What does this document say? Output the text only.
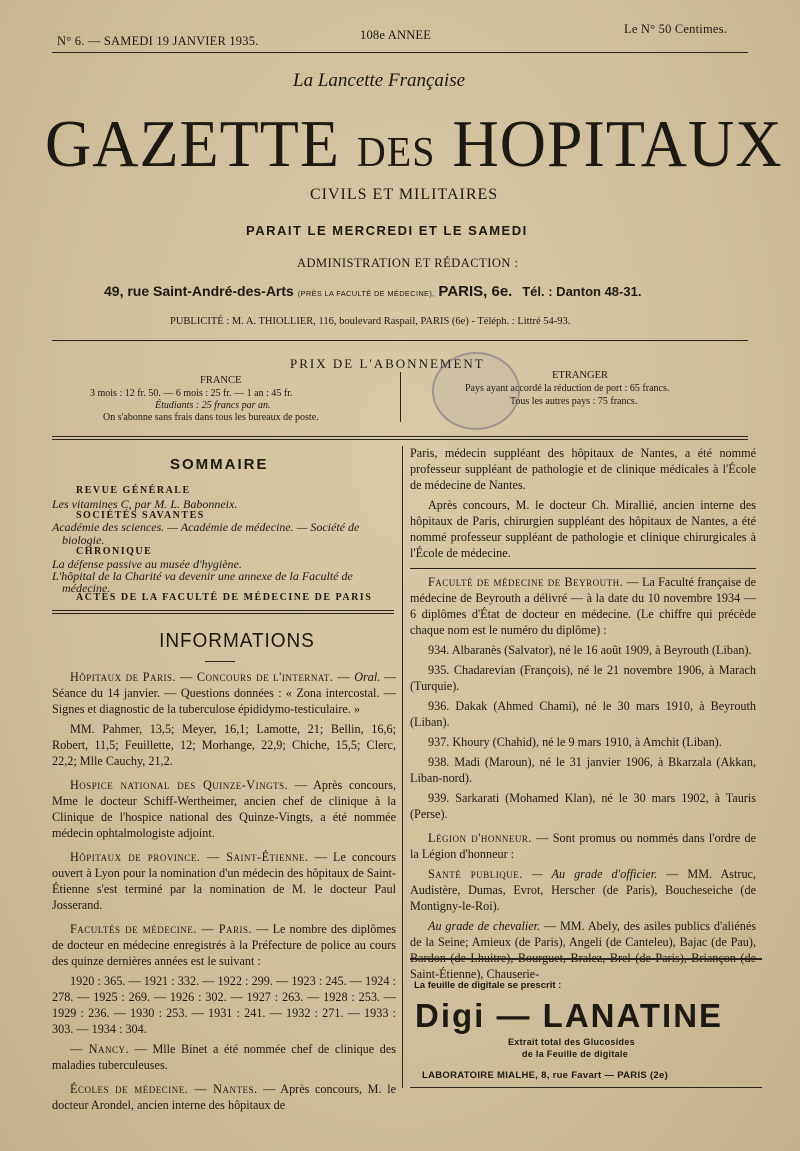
N° 6. — SAMEDI 19 JANVIER 1935.	108e ANNEE	Le N° 50 Centimes.
La Lancette Française
GAZETTE DES HOPITAUX
CIVILS ET MILITAIRES
PARAIT LE MERCREDI ET LE SAMEDI
ADMINISTRATION ET RÉDACTION :
49, rue Saint-André-des-Arts (PRÈS LA FACULTÉ DE MÉDECINE), PARIS, 6e. Tél. : Danton 48-31.
PUBLICITÉ : M. A. THIOLLIER, 116, boulevard Raspail, PARIS (6e) - Téléph. : Littré 54-93.
PRIX DE L'ABONNEMENT
FRANCE
3 mois : 12 fr. 50. — 6 mois : 25 fr. — 1 an : 45 fr.
Étudiants : 25 francs par an.
On s'abonne sans frais dans tous les bureaux de poste.
ETRANGER
Pays ayant accordé la réduction de port : 65 francs.
Tous les autres pays : 75 francs.
SOMMAIRE
REVUE GÉNÉRALE
Les vitamines C, par M. L. Babonneix.
SOCIÉTÉS SAVANTES
Académie des sciences. — Académie de médecine. — Société de
biologie.
CHRONIQUE
La défense passive au musée d'hygiène.
L'hôpital de la Charité va devenir une annexe de la Faculté de
médecine.
ACTES DE LA FACULTÉ DE MÉDECINE DE PARIS
INFORMATIONS

Hôpitaux de Paris. — Concours de l'internat. — Oral. — Séance du 14 janvier. — Questions données : « Zona intercostal. — Signes et diagnostic de la tuberculose épididymo-testiculaire. »

MM. Pahmer, 13,5; Meyer, 16,1; Lamotte, 21; Bellin, 16,6; Robert, 11,5; Feuillette, 12; Morhange, 22,9; Chiche, 15,5; Clerc, 22,2; Mlle Cauchy, 21,2.

Hospice national des Quinze-Vingts. — Après concours, Mme le docteur Schiff-Wertheimer, ancien chef de clinique à la Clinique de l'hospice national des Quinze-Vingts, a été nommée médecin ophtalmologiste adjoint.

Hôpitaux de province. — Saint-Étienne. — Le concours ouvert à Lyon pour la nomination d'un médecin des hôpitaux de Saint-Étienne s'est terminé par la nomination de M. le docteur Paul Josserand.

Facultés de médecine. — Paris. — Le nombre des diplômes de docteur en médecine enregistrés à la Préfecture de police au cours des quinze dernières années est le suivant :

1920 : 365. — 1921 : 332. — 1922 : 299. — 1923 : 245. — 1924 : 278. — 1925 : 269. — 1926 : 302. — 1927 : 263. — 1928 : 253. — 1929 : 236. — 1930 : 253. — 1931 : 241. — 1932 : 271. — 1933 : 303. — 1934 : 304.

— Nancy. — Mlle Binet a été nommée chef de clinique des maladies tuberculeuses.

Écoles de médecine. — Nantes. — Après concours, M. le docteur Arondel, ancien interne des hôpitaux de

Paris, médecin suppléant des hôpitaux de Nantes, a été nommé professeur suppléant de pathologie et de clinique médicales à l'École de médecine de Nantes.

Après concours, M. le docteur Ch. Mirallié, ancien interne des hôpitaux de Paris, chirurgien suppléant des hôpitaux de Nantes, a été nommé professeur suppléant de pathologie et clinique chirurgicales à l'École de médecine.

Faculté de médecine de Beyrouth. — La Faculté française de médecine de Beyrouth a délivré — à la date du 10 novembre 1934 — 6 diplômes d'État de docteur en médecine. (Le chiffre qui précède chaque nom est le numéro du diplôme) :

934. Albaranès (Salvator), né le 16 août 1909, à Beyrouth (Liban).

935. Chadarevian (François), né le 21 novembre 1906, à Marach (Turquie).

936. Dakak (Ahmed Chami), né le 30 mars 1910, à Beyrouth (Liban).

937. Khoury (Chahid), né le 9 mars 1910, à Amchit (Liban).

938. Madi (Maroun), né le 31 janvier 1906, à Bkarzala (Akkan, Liban-nord).

939. Sarkarati (Mohamed Klan), né le 30 mars 1902, à Tauris (Perse).

Légion d'honneur. — Sont promus ou nommés dans l'ordre de la Légion d'honneur :

Santé publique. — Au grade d'officier. — MM. Astruc, Audistère, Dumas, Evrot, Herscher (de Paris), Boucheseiche (de Montigny-le-Roi).

Au grade de chevalier. — MM. Abely, des asiles publics d'aliénés de la Seine; Amieux (de Paris), Angeli (de Canteleu), Bajac (de Pau), Saint-Étienne), Chauserie-

La feuille de digitale se prescrit :
Digi — LANATINE
Extrait total des Glucosides
de la Feuille de digitale
LABORATOIRE MIALHE, 8, rue Favart — PARIS (2e)
